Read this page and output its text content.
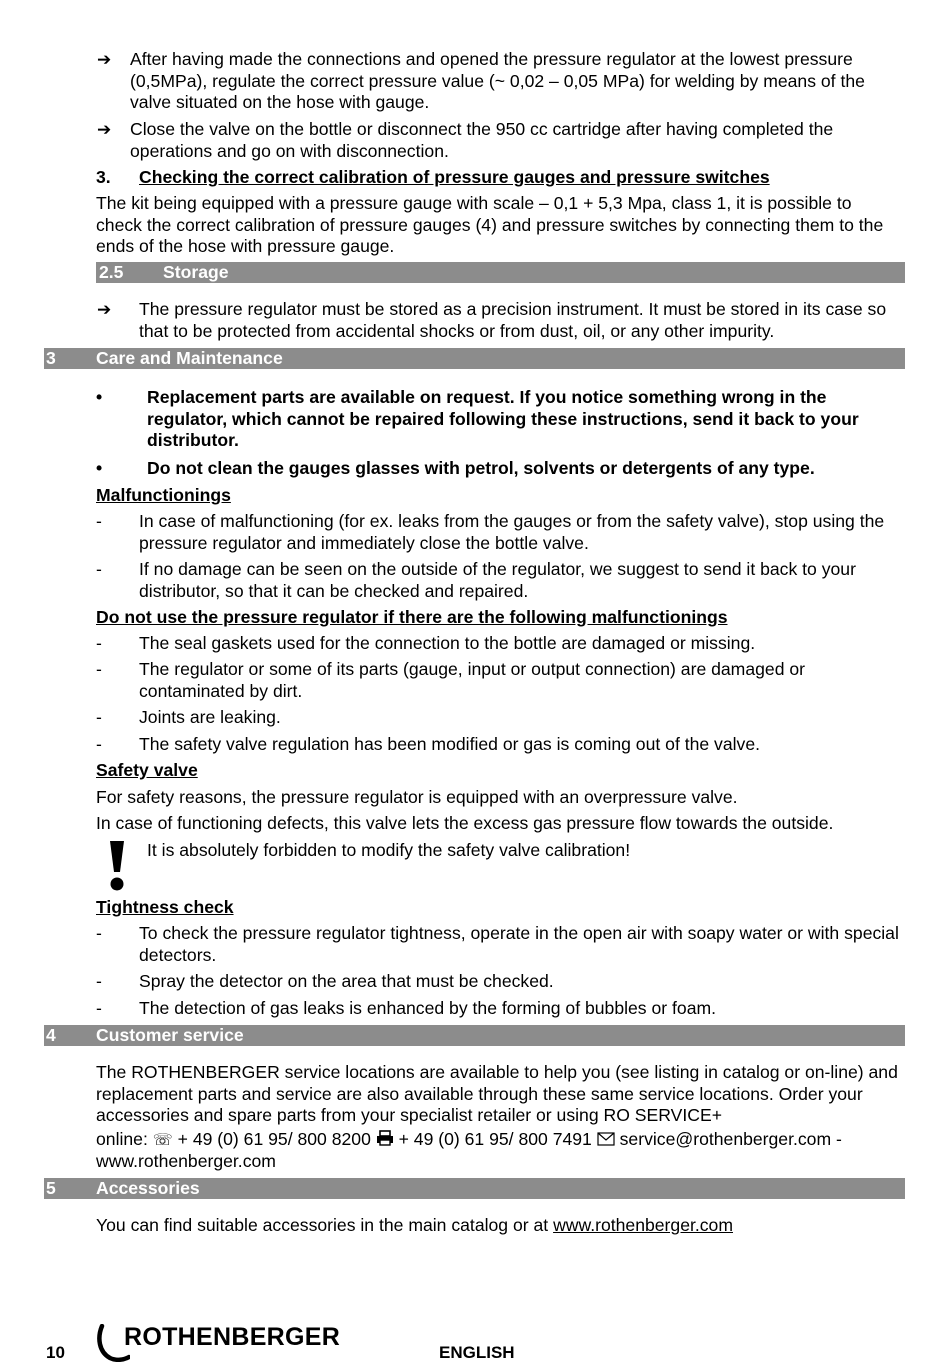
➔ After having made the connections and opened the pressure regulator at the lowest pressure (0,5MPa), regulate the correct pressure value (~ 0,02 – 0,05 MPa) for welding by means of the valve situated on the hose with gauge.

➔ Close the valve on the bottle or disconnect the 950 cc cartridge after having completed the operations and go on with disconnection.

3. Checking the correct calibration of pressure gauges and pressure switches

The kit being equipped with a pressure gauge with scale – 0,1 + 5,3 Mpa, class 1, it is possible to check the correct calibration of pressure gauges (4) and pressure switches by connecting them to the ends of the hose with pressure gauge.

2.5 Storage
➔ The pressure regulator must be stored as a precision instrument. It must be stored in its case so that to be protected from accidental shocks or from dust, oil, or any other impurity.

3 Care and Maintenance
•	Replacement parts are available on request. If you notice something wrong in the regulator, which cannot be repaired following these instructions, send it back to your distributor.

•	Do not clean the gauges glasses with petrol, solvents or detergents of any type.

Malfunctionings

- In case of malfunctioning (for ex. leaks from the gauges or from the safety valve), stop using the pressure regulator and immediately close the bottle valve.

- If no damage can be seen on the outside of the regulator, we suggest to send it back to your distributor, so that it can be checked and repaired.

Do not use the pressure regulator if there are the following malfunctionings

- The seal gaskets used for the connection to the bottle are damaged or missing.

- The regulator or some of its parts (gauge, input or output connection) are damaged or contaminated by dirt.

- Joints are leaking.

- The safety valve regulation has been modified or gas is coming out of the valve.

Safety valve

For safety reasons, the pressure regulator is equipped with an overpressure valve.

In case of functioning defects, this valve lets the excess gas pressure flow towards the outside.

It is absolutely forbidden to modify the safety valve calibration!

Tightness check

- To check the pressure regulator tightness, operate in the open air with soapy water or with special detectors.

- Spray the detector on the area that must be checked.

- The detection of gas leaks is enhanced by the forming of bubbles or foam.

4 Customer service

The ROTHENBERGER service locations are available to help you (see listing in catalog or on-line) and replacement parts and service are also available through these same service locations. Order your accessories and spare parts from your specialist retailer or using RO SERVICE+

online: ☏ + 49 (0) 61 95/ 800 8200 + 49 (0) 61 95/ 800 7491 service@rothenberger.com -

www.rothenberger.com

5 Accessories

You can find suitable accessories in the main catalog or at www.rothenberger.com

10
ROTHENBERGER
ENGLISH
